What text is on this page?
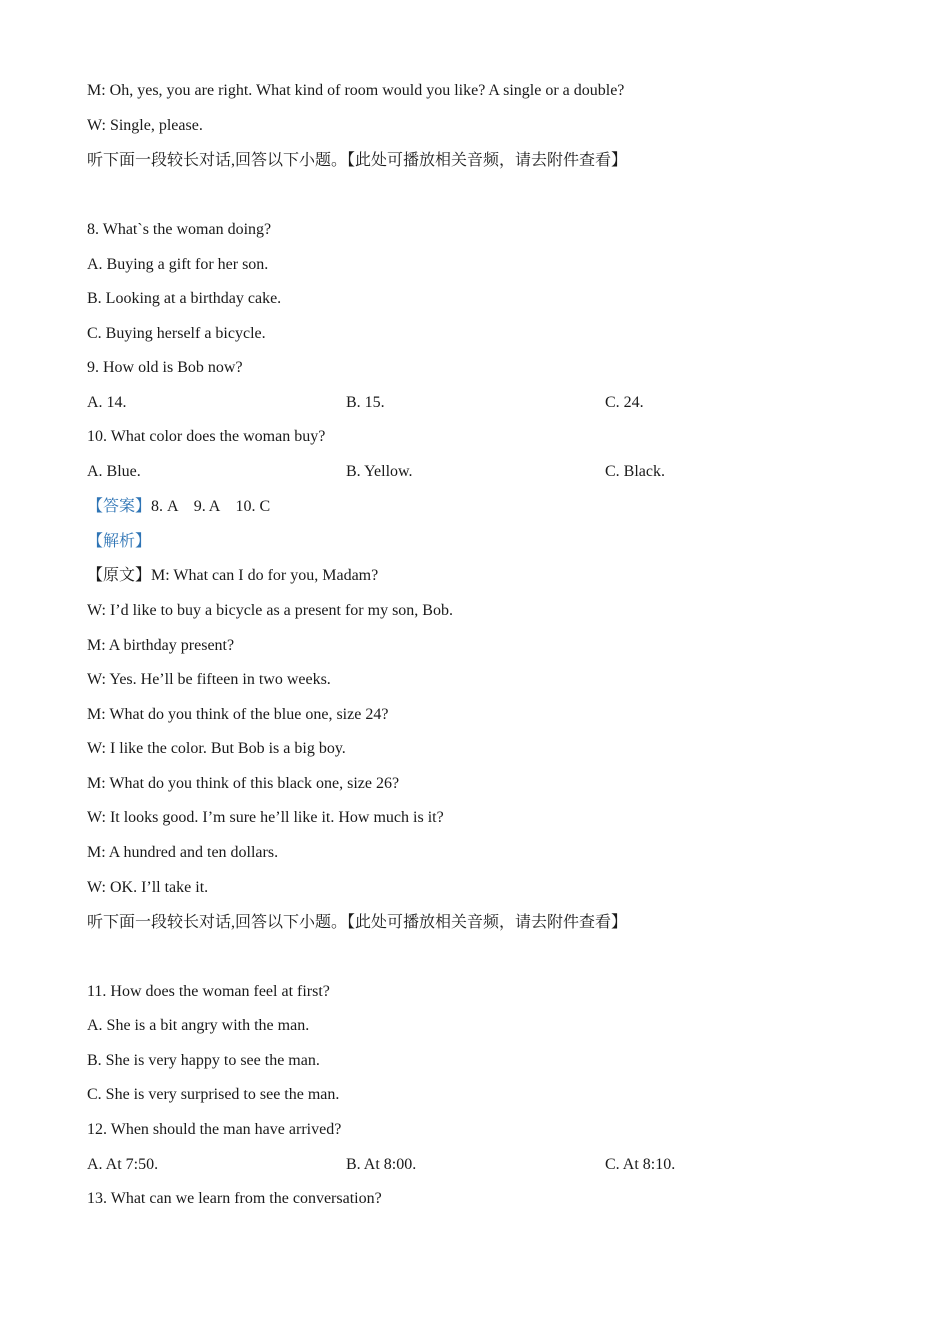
M: Oh, yes, you are right. What kind of room would you like? A single or a double?
W: Single, please.
听下面一段较长对话,回答以下小题。【此处可播放相关音频，请去附件查看】
8. What`s the woman doing?
A. Buying a gift for her son.
B. Looking at a birthday cake.
C. Buying herself a bicycle.
9. How old is Bob now?
A. 14.	B. 15.	C. 24.
10. What color does the woman buy?
A. Blue.	B. Yellow.	C. Black.
【答案】8. A    9. A    10. C
【解析】
【原文】M: What can I do for you, Madam?
W: I’d like to buy a bicycle as a present for my son, Bob.
M: A birthday present?
W: Yes. He’ll be fifteen in two weeks.
M: What do you think of the blue one, size 24?
W: I like the color. But Bob is a big boy.
M: What do you think of this black one, size 26?
W: It looks good. I’m sure he’ll like it. How much is it?
M: A hundred and ten dollars.
W: OK. I’ll take it.
听下面一段较长对话,回答以下小题。【此处可播放相关音频，请去附件查看】
11. How does the woman feel at first?
A. She is a bit angry with the man.
B. She is very happy to see the man.
C. She is very surprised to see the man.
12. When should the man have arrived?
A. At 7:50.	B. At 8:00.	C. At 8:10.
13. What can we learn from the conversation?
